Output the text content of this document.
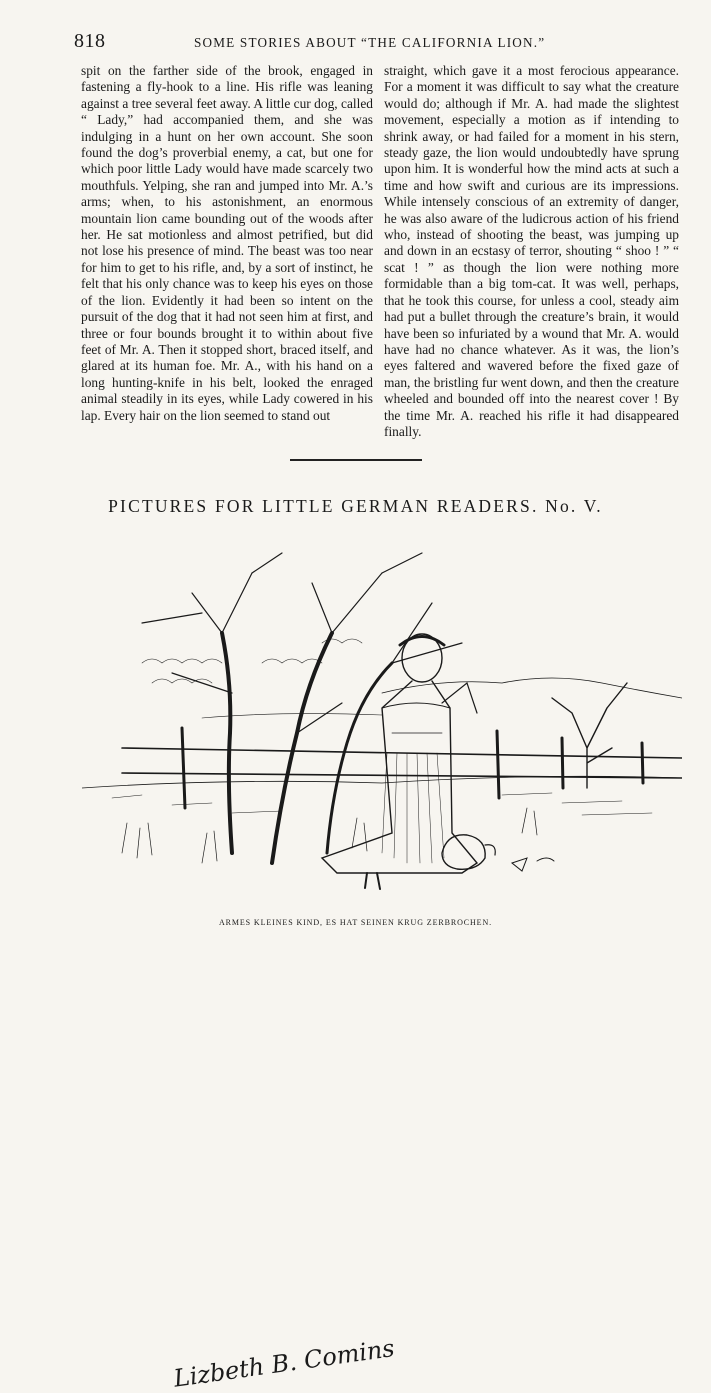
818	SOME STORIES ABOUT “THE CALIFORNIA LION.”

spit on the farther side of the brook, engaged in fastening a fly-hook to a line. His rifle was leaning against a tree several feet away. A little cur dog, called “ Lady,” had accompanied them, and she was indulging in a hunt on her own account. She soon found the dog’s proverbial enemy, a cat, but one for which poor little Lady would have made scarcely two mouthfuls. Yelping, she ran and jumped into Mr. A.’s arms; when, to his astonishment, an enormous mountain lion came bounding out of the woods after her. He sat motionless and almost petrified, but did not lose his presence of mind. The beast was too near for him to get to his rifle, and, by a sort of instinct, he felt that his only chance was to keep his eyes on those of the lion. Evidently it had been so intent on the pursuit of the dog that it had not seen him at first, and three or four bounds brought it to within about five feet of Mr. A. Then it stopped short, braced itself, and glared at its human foe. Mr. A., with his hand on a long hunting-knife in his belt, looked the enraged animal steadily in its eyes, while Lady cowered in his lap. Every hair on the lion seemed to stand out

straight, which gave it a most ferocious appearance. For a moment it was difficult to say what the creature would do; although if Mr. A. had made the slightest movement, especially a motion as if intending to shrink away, or had failed for a moment in his stern, steady gaze, the lion would undoubtedly have sprung upon him. It is wonderful how the mind acts at such a time and how swift and curious are its impressions. While intensely conscious of an extremity of danger, he was also aware of the ludicrous action of his friend who, instead of shooting the beast, was jumping up and down in an ecstasy of terror, shouting “ shoo ! ” “ scat ! ” as though the lion were nothing more formidable than a big tom-cat. It was well, perhaps, that he took this course, for unless a cool, steady aim had put a bullet through the creature’s brain, it would have been so infuriated by a wound that Mr. A. would have had no chance whatever. As it was, the lion’s eyes faltered and wavered before the fixed gaze of man, the bristling fur went down, and then the creature wheeled and bounded off into the nearest cover ! By the time Mr. A. reached his rifle it had disappeared finally.

PICTURES FOR LITTLE GERMAN READERS. No. V.
Lizbeth B. Comins
ARMES KLEINES KIND, ES HAT SEINEN KRUG ZERBROCHEN.
